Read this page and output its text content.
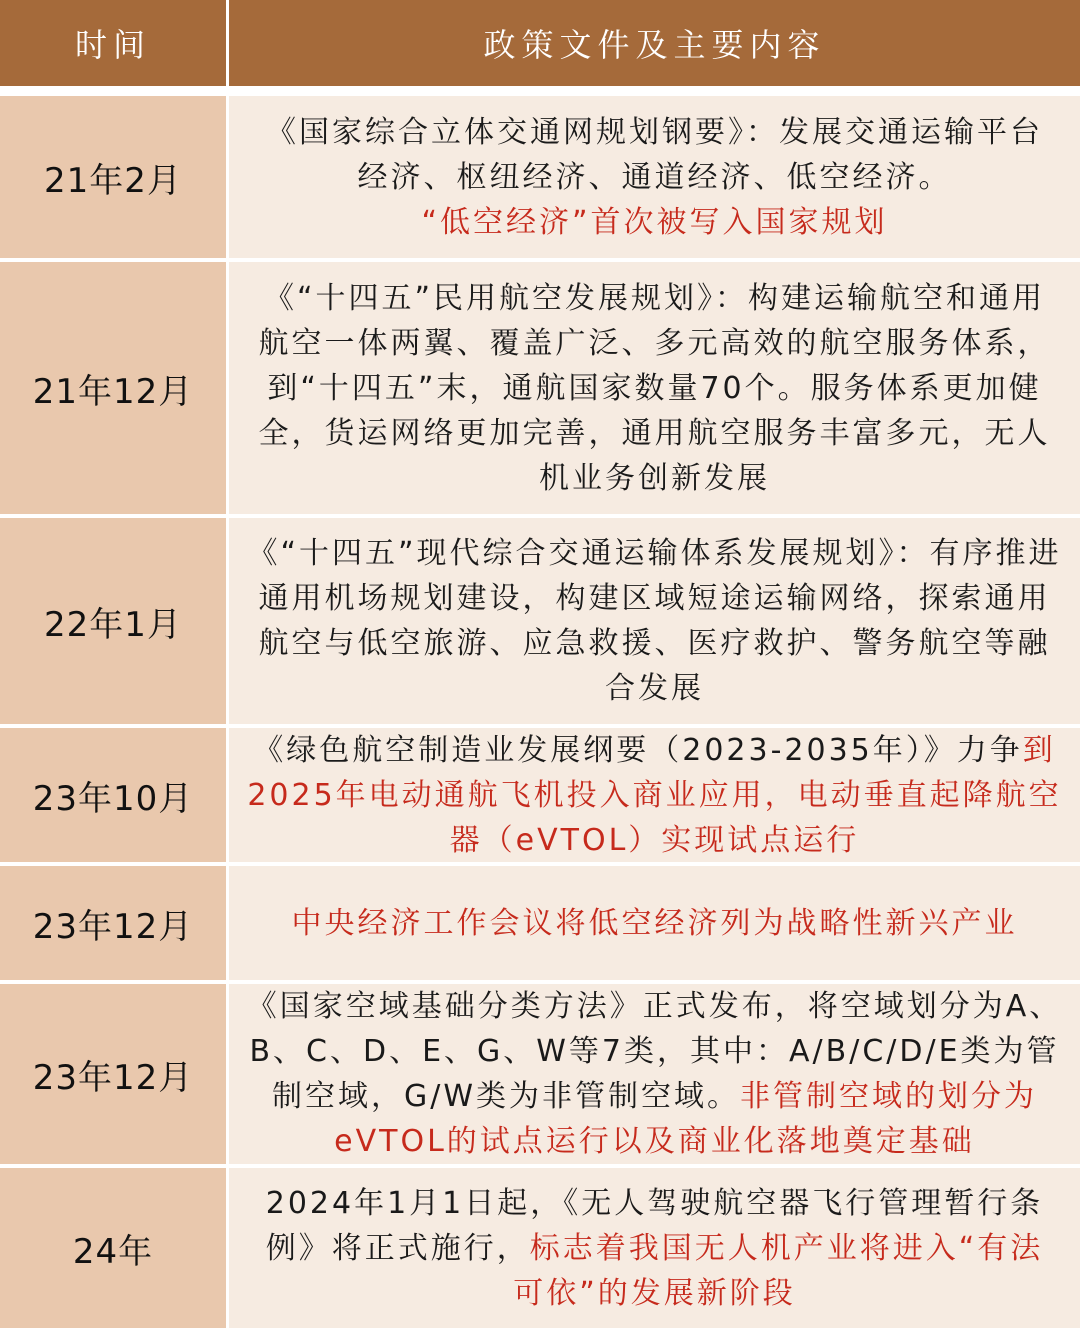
时间	政策文件及主要内容
21年2月
《国家综合立体交通网规划钢要》：发展交通运输平台经济、枢纽经济、通道经济、低空经济。
“低空经济”首次被写入国家规划
21年12月
《“十四五”民用航空发展规划》：构建运输航空和通用航空一体两翼、覆盖广泛、多元高效的航空服务体系，到“十四五”末，通航国家数量70个。服务体系更加健全，货运网络更加完善，通用航空服务丰富多元，无人机业务创新发展
22年1月
《“十四五”现代综合交通运输体系发展规划》：有序推进通用机场规划建设，构建区域短途运输网络，探索通用航空与低空旅游、应急救援、医疗救护、警务航空等融合发展
23年10月
《绿色航空制造业发展纲要（2023-2035年）》力争到2025年电动通航飞机投入商业应用，电动垂直起降航空器（eVTOL）实现试点运行
23年12月	中央经济工作会议将低空经济列为战略性新兴产业
23年12月
《国家空域基础分类方法》正式发布，将空域划分为A、B、C、D、E、G、W等7类，其中：A/B/C/D/E类为管制空域，G/W类为非管制空域。非管制空域的划分为eVTOL的试点运行以及商业化落地奠定基础
24年
2024年1月1日起，《无人驾驶航空器飞行管理暂行条例》将正式施行，标志着我国无人机产业将进入“有法可依”的发展新阶段
